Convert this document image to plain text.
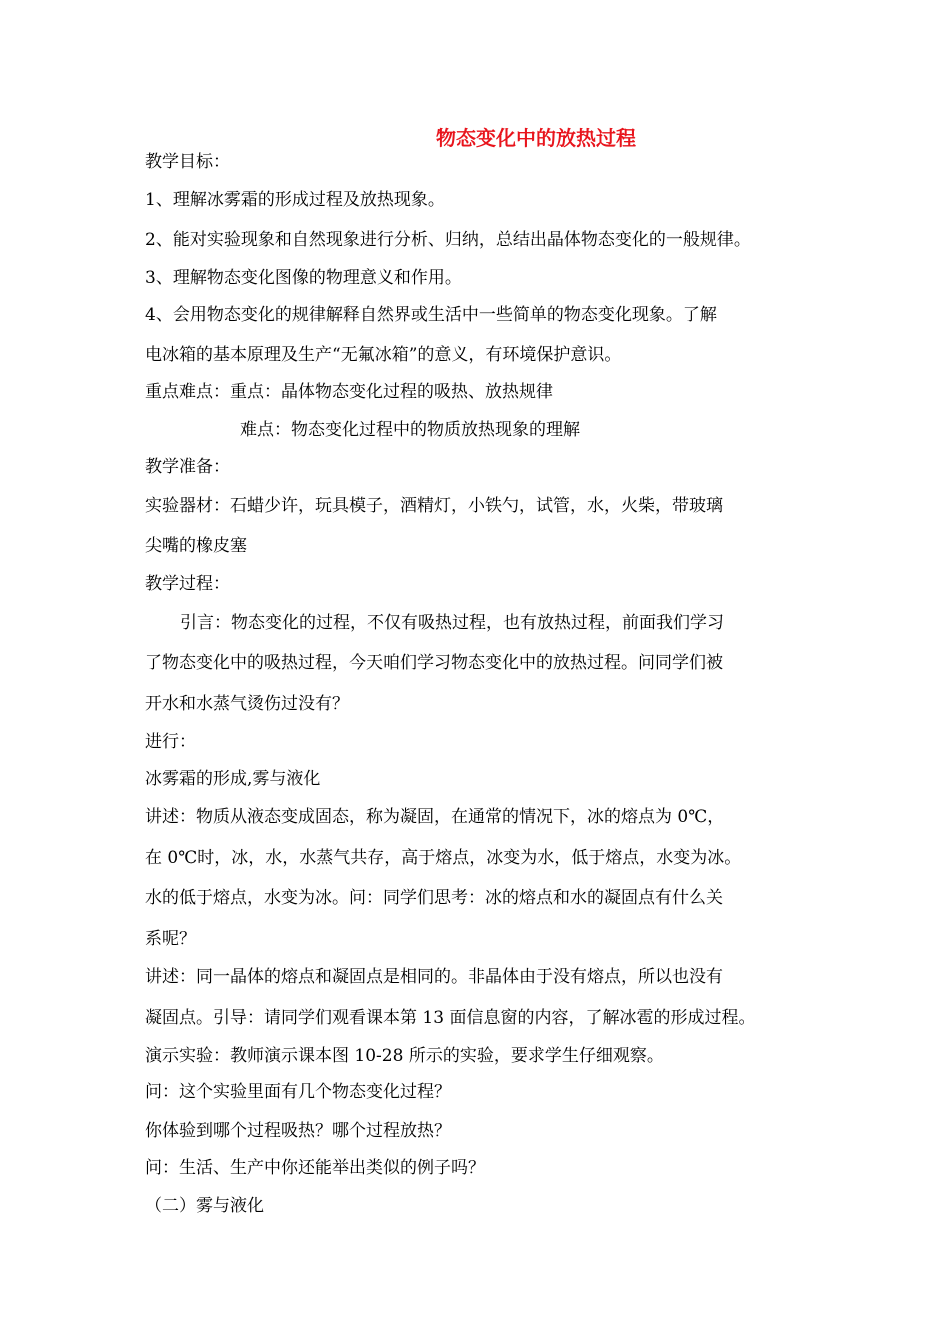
物态变化中的放热过程
教学目标：
1、理解冰雾霜的形成过程及放热现象。
2、能对实验现象和自然现象进行分析、归纳，总结出晶体物态变化的一般规律。
3、理解物态变化图像的物理意义和作用。
4、会用物态变化的规律解释自然界或生活中一些简单的物态变化现象。了解
电冰箱的基本原理及生产“无氟冰箱”的意义，有环境保护意识。
重点难点：重点：晶体物态变化过程的吸热、放热规律
难点：物态变化过程中的物质放热现象的理解
教学准备：
实验器材：石蜡少许，玩具模子，酒精灯，小铁勺，试管，水，火柴，带玻璃
尖嘴的橡皮塞
教学过程：
引言：物态变化的过程，不仅有吸热过程，也有放热过程，前面我们学习
了物态变化中的吸热过程，今天咱们学习物态变化中的放热过程。问同学们被
开水和水蒸气烫伤过没有？
进行：
冰雾霜的形成,雾与液化
讲述：物质从液态变成固态，称为凝固，在通常的情况下，冰的熔点为 0℃，
在 0℃时，冰，水，水蒸气共存，高于熔点，冰变为水，低于熔点，水变为冰。
水的低于熔点，水变为冰。问：同学们思考：冰的熔点和水的凝固点有什么关
系呢？
讲述：同一晶体的熔点和凝固点是相同的。非晶体由于没有熔点，所以也没有
凝固点。引导：请同学们观看课本第 13 面信息窗的内容，了解冰雹的形成过程。
演示实验：教师演示课本图 10-28 所示的实验，要求学生仔细观察。
问：这个实验里面有几个物态变化过程？
你体验到哪个过程吸热？哪个过程放热？
问：生活、生产中你还能举出类似的例子吗？
（二）雾与液化
